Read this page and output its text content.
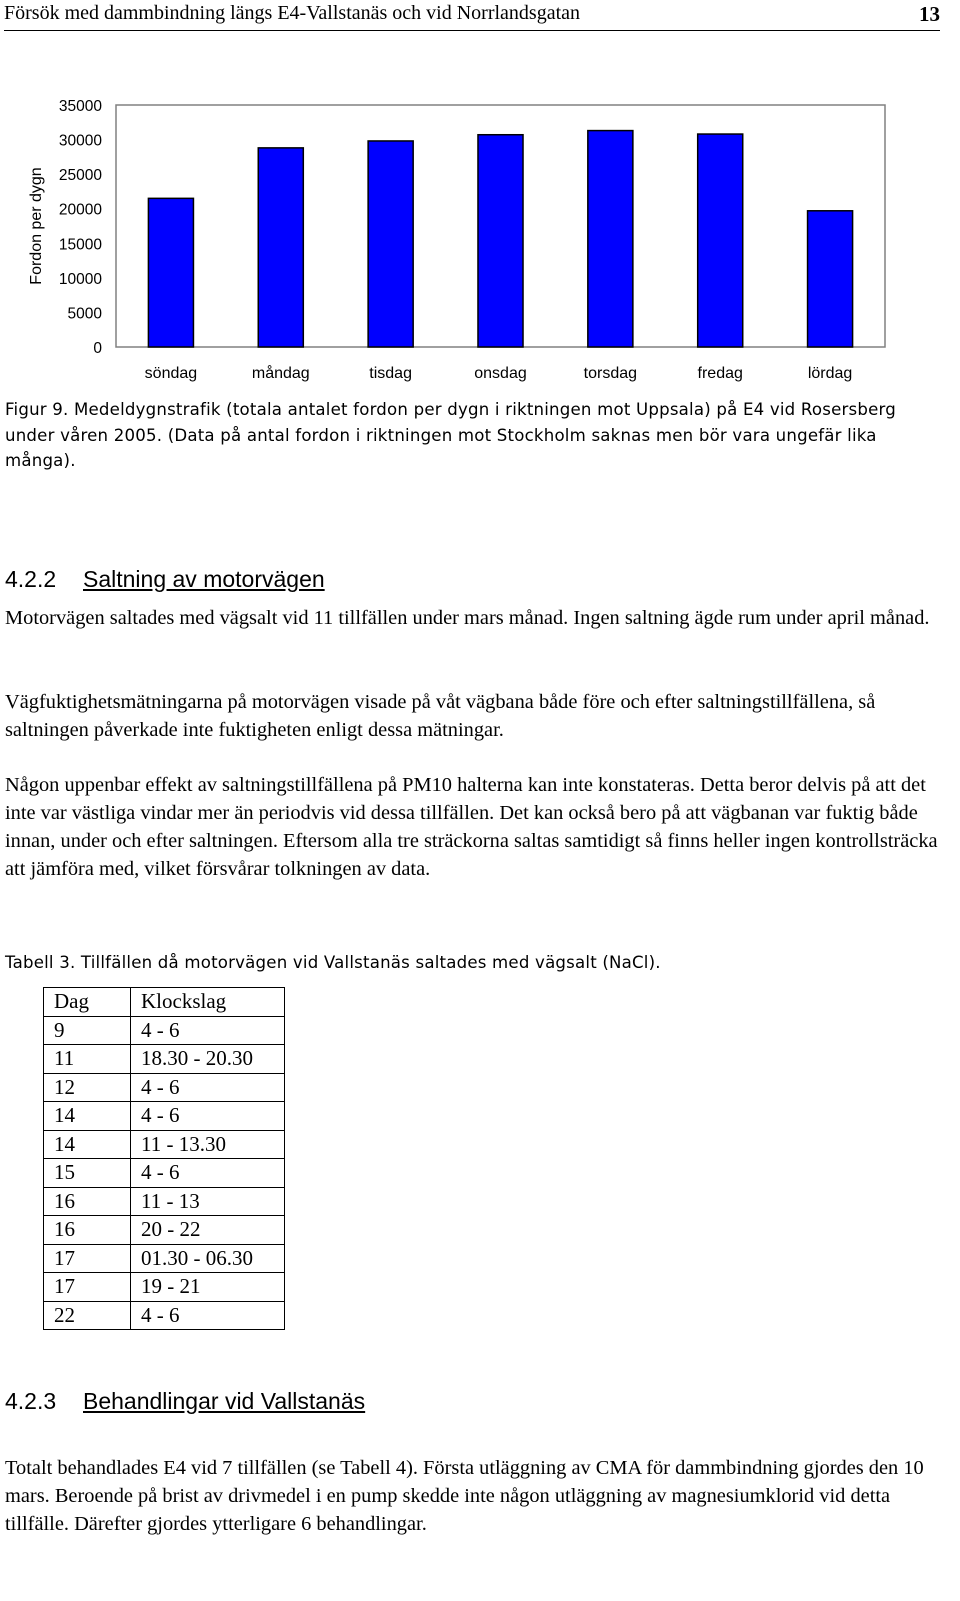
Försök med dammbindning längs E4-Vallstanäs och vid Norrlandsgatan	13
Fordon per dygn
0
5000
10000
15000
20000
25000
30000
35000
söndag	måndag	tisdag	onsdag	torsdag	fredag	lördag
Figur 9. Medeldygnstrafik (totala antalet fordon per dygn i riktningen mot Uppsala) på E4 vid Rosersberg under våren 2005. (Data på antal fordon i riktningen mot Stockholm saknas men bör vara ungefär lika många).
4.2.2 Saltning av motorvägen
Motorvägen saltades med vägsalt vid 11 tillfällen under mars månad. Ingen saltning ägde rum under april månad.
Vägfuktighetsmätningarna på motorvägen visade på våt vägbana både före och efter saltningstillfällena, så saltningen påverkade inte fuktigheten enligt dessa mätningar.
Någon uppenbar effekt av saltningstillfällena på PM10 halterna kan inte konstateras. Detta beror delvis på att det inte var västliga vindar mer än periodvis vid dessa tillfällen. Det kan också bero på att vägbanan var fuktig både innan, under och efter saltningen. Eftersom alla tre sträckorna saltas samtidigt så finns heller ingen kontrollsträcka att jämföra med, vilket försvårar tolkningen av data.
Tabell 3. Tillfällen då motorvägen vid Vallstanäs saltades med vägsalt (NaCl).
Dag	Klockslag
9	4 - 6
11	18.30 - 20.30
12	4 - 6
14	4 - 6
14	11 - 13.30
15	4 - 6
16	11 - 13
16	20 - 22
17	01.30 - 06.30
17	19 - 21
22	4 - 6
4.2.3 Behandlingar vid Vallstanäs
Totalt behandlades E4 vid 7 tillfällen (se Tabell 4). Första utläggning av CMA för dammbindning gjordes den 10 mars. Beroende på brist av drivmedel i en pump skedde inte någon utläggning av magnesiumklorid vid detta tillfälle. Därefter gjordes ytterligare 6 behandlingar.
